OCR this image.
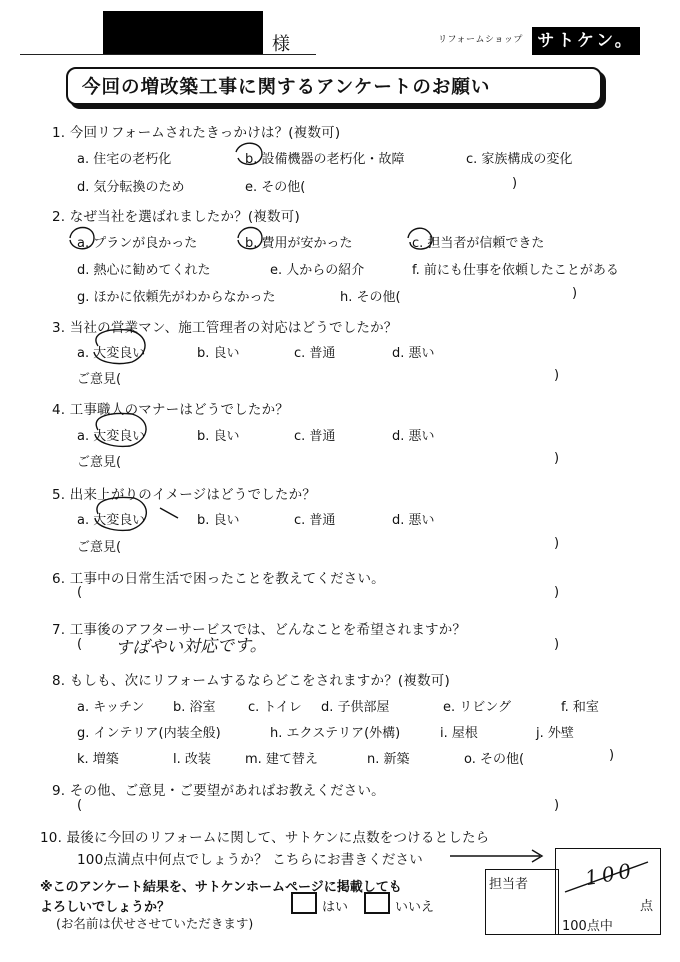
様	リフォームショップ サトケン。
今回の増改築工事に関するアンケートのお願い
1. 今回リフォームされたきっかけは？(複数可)
a. 住宅の老朽化	b. 設備機器の老朽化・故障	c. 家族構成の変化
d. 気分転換のため	e. その他(	)
2. なぜ当社を選ばれましたか？(複数可)
a. プランが良かった	b. 費用が安かった	c. 担当者が信頼できた
d. 熱心に勧めてくれた	e. 人からの紹介	f. 前にも仕事を依頼したことがある
g. ほかに依頼先がわからなかった	h. その他(	)
3. 当社の営業マン、施工管理者の対応はどうでしたか？
a. 大変良い	b. 良い	c. 普通	d. 悪い
ご意見(	)
4. 工事職人のマナーはどうでしたか？
a. 大変良い	b. 良い	c. 普通	d. 悪い
ご意見(	)
5. 出来上がりのイメージはどうでしたか？
a. 大変良い	b. 良い	c. 普通	d. 悪い
ご意見(	)
6. 工事中の日常生活で困ったことを教えてください。
(	)
7. 工事後のアフターサービスでは、どんなことを希望されますか？
( すばやい対応です。	)
8. もしも、次にリフォームするならどこをされますか？(複数可)
a. キッチン b. 浴室 c. トイレ d. 子供部屋	e. リビング	f. 和室
g. インテリア(内装全般)	h. エクステリア(外構)	i. 屋根	j. 外壁
k. 増築	l. 改装	m. 建て替え	n. 新築	o. その他(	)
9. その他、ご意見・ご要望があればお教えください。
(	)
10. 最後に今回のリフォームに関して、サトケンに点数をつけるとしたら
100点満点中何点でしょうか？ こちらにお書きください
担当者	100
点
100点中
※このアンケート結果を、サトケンホームページに掲載しても
よろしいでしょうか？	はい	いいえ
(お名前は伏せさせていただきます)
